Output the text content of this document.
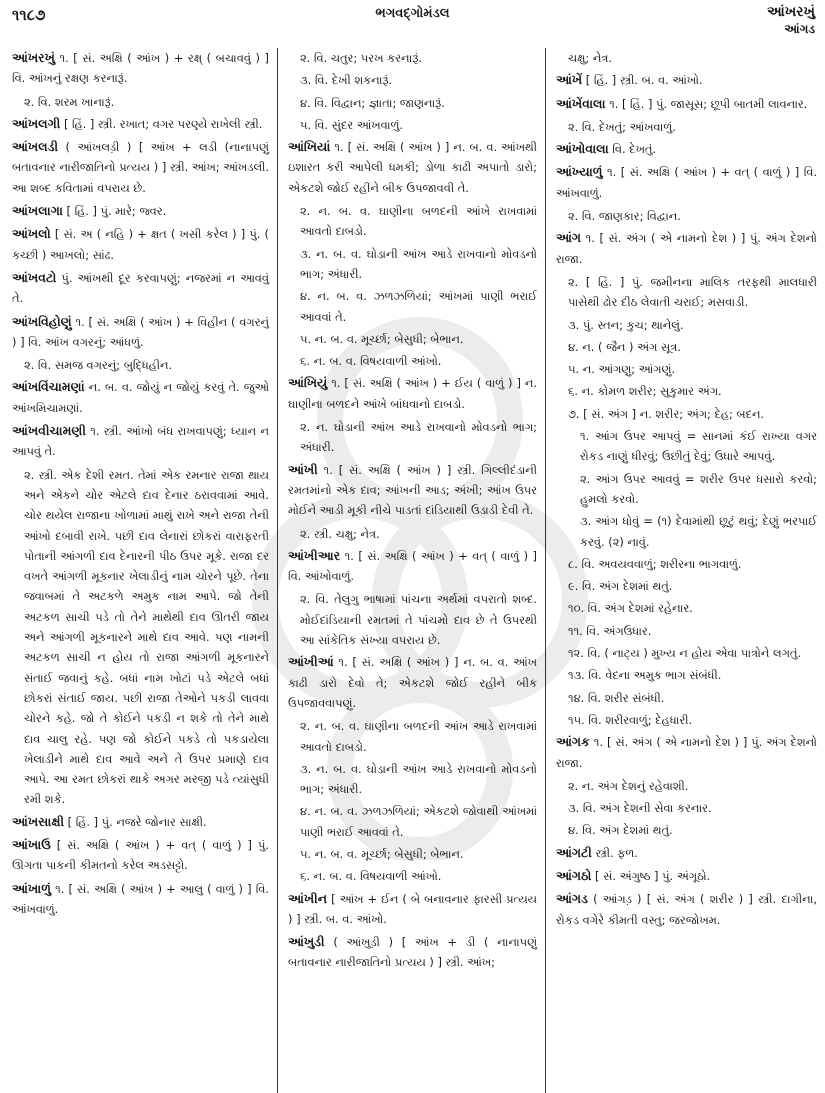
૧૧૮૭	ભગવદ્ગોમંડલ	આંખરખું
આંગડ
આંખરખું ૧. [ સં. અક્ષિ ( આંખ ) + રક્ષ્ ( બચાવવું ) ] વિ. આંખનું રક્ષણ કરનારૂં.
૨. વિ. શરમ ખાનારૂં.
આંખલગી [ હિં. ] સ્ત્રી. રખાત; વગર પરણ્યે રાખેલી સ્ત્રી.
આંખલડી ( આંખલડ઼ી ) [ આંખ + લડી (નાનાપણું બતાવનાર નારીજાતિનો પ્રત્યય ) ] સ્ત્રી. આંખ; આંખડલી. આ શબ્દ કવિતામાં વપરાય છે.
આંખલાગા [ હિં. ] પું. મારે; જ્વર.
આંખલો [ સં. અ ( નહિ ) + ક્ષત ( ખસી કરેલ ) ] પું. ( કચ્છી ) આખલો; સાંઢ.
આંખવટો પું. આંખથી દૂર કરવાપણું; નજરમાં ન આવવું તે.
આંખવિહોણું ૧. [ સં. અક્ષિ ( આંખ ) + વિહીન ( વગરનું ) ] વિ. આંખ વગરનું; આંધળું.
૨. વિ. સમજ વગરનું; બુદ્ધિહીન.
આંખવિંચામણાં ન. બ. વ. જોયું ન જોયું કરવું તે. જુઓ આંખમિચામણાં.
આંખવીચામણી ૧. સ્ત્રી. આંખો બંધ રાખવાપણું; ધ્યાન ન આપવું તે.
૨. સ્ત્રી. એક દેશી રમત. તેમાં એક રમનાર રાજા થાય અને એકને ચોર એટલે દાવ દેનાર ઠરાવવામાં આવે. ચોર થયેલ રાજાના ખોળામાં માથું રાખે અને રાજા તેની આંખો દબાવી રાખે. પછી દાવ લેનારાં છોકરાં વારાફરતી પોતાની આંગળી દાવ દેનારની પીઠ ઉપર મૂકે. રાજા દર વખતે આંગળી મૂકનાર ખેલાડીનું નામ ચોરને પૂછે. તેના જવાબમાં તે અટકળે અમુક નામ આપે. જો તેની અટકળ સાચી પડે તો તેને માથેથી દાવ ઊતરી જાય અને આંગળી મૂકનારને માથે દાવ આવે. પણ નામની અટકળ સાચી ન હોય તો રાજા આંગળી મૂકનારને સંતાઈ જવાનું કહે. બધાં નામ ખોટાં પડે એટલે બધાં છોકરાં સંતાઈ જાય. પછી રાજા તેઓને પકડી લાવવા ચોરને કહે. જો તે કોઈને પકડી ન શકે તો તેને માથે દાવ ચાલુ રહે. પણ જો કોઈને પકડે તો પકડાયેલા ખેલાડીને માથે દાવ આવે અને તે ઉપર પ્રમાણે દાવ આપે. આ રમત છોકરાં થાકે અગર મરજી પડે ત્યાંસુધી રમી શકે.
આંખસાક્ષી [ હિં. ] પું. નજરે જોનાર સાક્ષી.
આંખાઉ [ સં. અક્ષિ ( આંખ ) + વત્ ( વાળું ) ] પું. ઊગતા પાકની કીમતનો કરેલ અડસટ્ટો.
આંખાળું ૧. [ સં. અક્ષિ ( આંખ ) + આલુ ( વાળું ) ] વિ. આંખવાળું.
૨. વિ. ચતુર; પરખ કરનારૂં.
૩. વિ. દેખી શકનારૂં.
૪. વિ. વિદ્વાન; જ્ઞાતા; જાણનારૂં.
૫. વિ. સુંદર આંખવાળું.
આંખિયાં ૧. [ સં. અક્ષિ ( આંખ ) ] ન. બ. વ. આંખથી ઇશારત કરી આપેલી ધમકી; ડોળા કાઢી અપાતો ડારો; એકટશે જોઈ રહીને બીક ઉપજાવવી તે.
૨. ન. બ. વ. ઘાણીના બળદની આંખે રાખવામાં આવતો દાબડો.
૩. ન. બ. વ. ઘોડાની આંખ આડે રાખવાનો મોવડનો ભાગ; અંધારી.
૪. ન. બ. વ. ઝળઝળિયાં; આંખમાં પાણી ભરાઈ આવવાં તે.
૫. ન. બ. વ. મૂર્ચ્છા; બેસુધી; બેભાન.
૬. ન. બ. વ. વિષયવાળી આંખો.
આંખિયું ૧. [ સં. અક્ષિ ( આંખ ) + ઈય ( વાળું ) ] ન. ઘાણીના બળદને આંખે બાંધવાનો દાબડો.
૨. ન. ઘોડાની આંખ આડે રાખવાનો મોવડનો ભાગ; અંધારી.
આંખી ૧. [ સં. અક્ષિ ( આંખ ) ] સ્ત્રી. ગિલ્લીદંડાની રમતમાંનો એક દાવ; આંખની આડ; અંખી; આંખ ઉપર મોઈને આડી મૂકી નીચે પાડતાં દાંડિયાથી ઉડાડી દેવી તે.
૨. સ્ત્રી. ચક્ષુ; નેત્ર.
આંખીઆર ૧. [ સં. અક્ષિ ( આંખ ) + વત્ ( વાળું ) ] વિ. આંખોવાળું.
૨. વિ. તેલુગુ ભાષામાં પાંચના અર્થમાં વપરાતો શબ્દ. મોઈદાંડિયાની રમતમાં તે પાંચમો દાવ છે તે ઉપરથી આ સાંકેતિક સંખ્યા વપરાય છે.
આંખીઆં ૧. [ સં. અક્ષિ ( આંખ ) ] ન. બ. વ. આંખ કાઢી ડારો દેવો તે; એકટશે જોઈ રહીને બીક ઉપજાવવાપણું.
૨. ન. બ. વ. ઘાણીના બળદની આંખ આડે રાખવામાં આવતો દાબડો.
૩. ન. બ. વ. ઘોડાની આંખ આડે રાખવાનો મોવડનો ભાગ; અંધારી.
૪. ન. બ. વ. ઝળઝળિયાં; એકટશે જોવાથી આંખમાં પાણી ભરાઈ આવવાં તે.
૫. ન. બ. વ. મૂર્ચ્છા; બેસુધી; બેભાન.
૬. ન. બ. વ. વિષયવાળી આંખો.
આંખીન [ આંખ + ઈન ( બે બનાવનાર ફારસી પ્રત્યય ) ] સ્ત્રી. બ. વ. આંખો.
આંખુડી ( આંખુડ઼ી ) [ આંખ + ડી ( નાનાપણું બતાવનાર નારીજાતિનો પ્રત્યય ) ] સ્ત્રી. આંખ;
ચક્ષુ; નેત્ર.
આંખેં [ હિં. ] સ્ત્રી. બ. વ. આંખો.
આંખેંવાલા ૧. [ હિં. ] પું. જાસૂસ; છૂપી બાતમી લાવનાર.
૨. વિ. દેખતું; આંખવાળું.
આંખોવાલા વિ. દેખતું.
આંખ્યાળું ૧. [ સં. અક્ષિ ( આંખ ) + વત્ ( વાળું ) ] વિ. આંખવાળું.
૨. વિ. જાણકાર; વિદ્વાન.
આંગ ૧. [ સં. અંગ ( એ નામનો દેશ ) ] પું. અંગ દેશનો રાજા.
૨. [ હિં. ] પું. જમીનના માલિક તરફથી માલધારી પાસેથી ઢોર દીઠ લેવાતી ચરાઈ; મસવાડી.
૩. પું. સ્તન; કુચ; થાનેલું.
૪. ન. ( જૈન ) અંગ સૂત્ર.
૫. ન. આંગણુ; આંગણું.
૬. ન. કોમળ શરીર; સુકુમાર અંગ.
૭. [ સં. અંગ ] ન. શરીર; અંગ; દેહ; બદન.
૧. આંગ ઉપર આપવું = સાનમાં કંઈ રાખ્યા વગર રોકડ નાણું ધીરવું; ઉછીતું દેવું; ઉધારે આપવું.
૨. આંગ ઉપર આવવું = શરીર ઉપર ધસારો કરવો; હુમલો કરવો.
૩. આંગ ધોવું = (૧) દેવામાંથી છૂટું થવું; દેણું ભરપાઈ કરવું. (૨) નાવું.
૮. વિ. અવયવવાળું; શરીરના ભાગવાળું.
૯. વિ. અંગ દેશમાં થતું.
૧૦. વિ. અંગ દેશમાં રહેનાર.
૧૧. વિ. અંગઉધાર.
૧૨. વિ. ( નાટ્ય ) મુખ્ય ન હોય એવા પાત્રોને લગતું.
૧૩. વિ. વેદના અમુક ભાગ સંબંધી.
૧૪. વિ. શરીર સંબંધી.
૧૫. વિ. શરીરવાળું; દેહધારી.
આંગક ૧. [ સં. અંગ ( એ નામનો દેશ ) ] પું. અંગ દેશનો રાજા.
૨. ન. અંગ દેશનું રહેવાશી.
૩. વિ. અંગ દેશની સેવા કરનાર.
૪. વિ. અંગ દેશમાં થતું.
આંગટી સ્ત્રી. ફળ.
આંગઠો [ સં. અંગુષ્ઠ ] પું. અંગૂઠો.
આંગડ ( આંગડ઼ ) [ સં. અંગ ( શરીર ) ] સ્ત્રી. દાગીના, રોકડ વગેરે કીમતી વસ્તુ; જરજોખમ.
